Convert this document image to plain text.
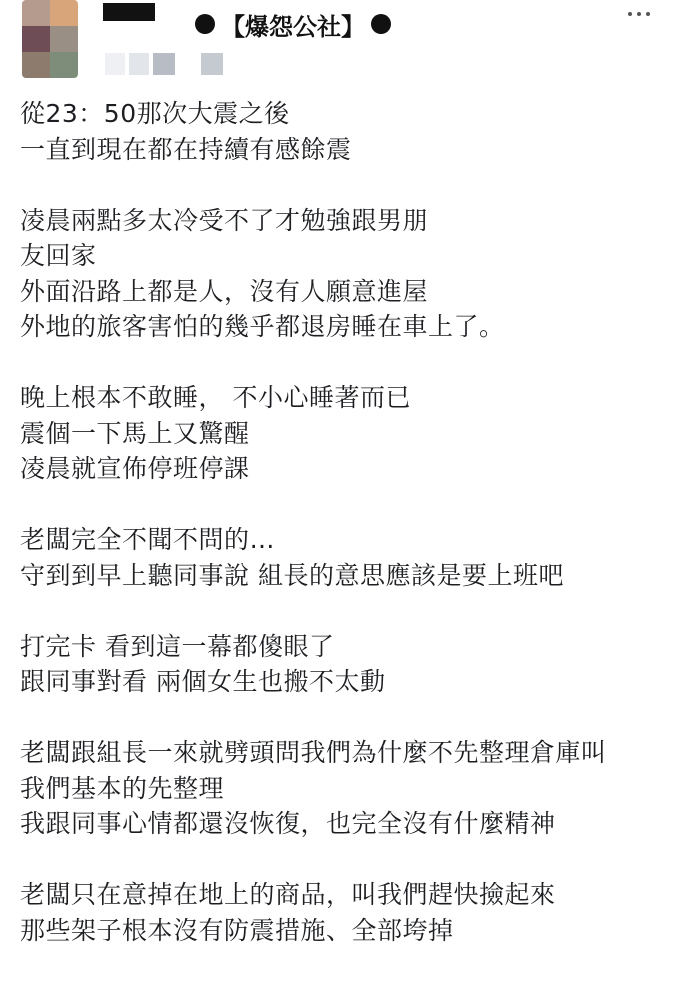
【爆怨公社】
從23：50那次大震之後
一直到現在都在持續有感餘震
凌晨兩點多太冷受不了才勉強跟男朋
友回家
外面沿路上都是人，沒有人願意進屋
外地的旅客害怕的幾乎都退房睡在車上了。
晚上根本不敢睡， 不小心睡著而已
震個一下馬上又驚醒
凌晨就宣佈停班停課
老闆完全不聞不問的…
守到到早上聽同事說 組長的意思應該是要上班吧
打完卡 看到這一幕都傻眼了
跟同事對看 兩個女生也搬不太動
老闆跟組長一來就劈頭問我們為什麼不先整理倉庫叫
我們基本的先整理
我跟同事心情都還沒恢復，也完全沒有什麼精神
老闆只在意掉在地上的商品，叫我們趕快撿起來
那些架子根本沒有防震措施、全部垮掉
